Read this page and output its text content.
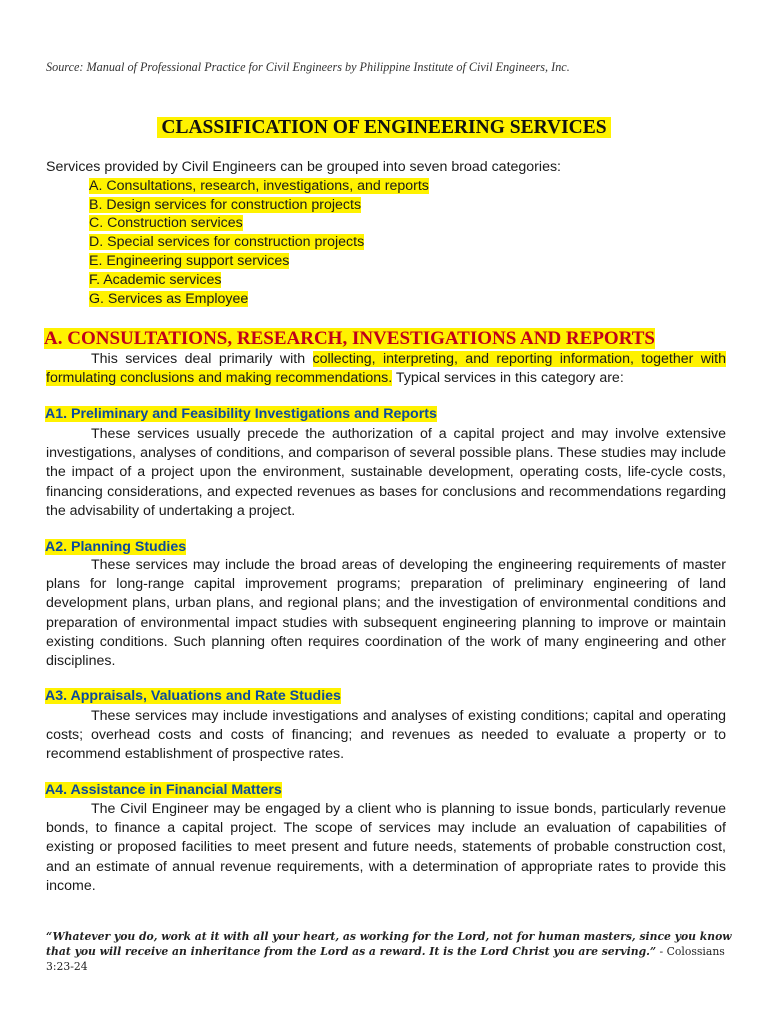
Source: Manual of Professional Practice for Civil Engineers by Philippine Institute of Civil Engineers, Inc.
CLASSIFICATION OF ENGINEERING SERVICES
Services provided by Civil Engineers can be grouped into seven broad categories:
A. Consultations, research, investigations, and reports
B. Design services for construction projects
C. Construction services
D. Special services for construction projects
E. Engineering support services
F. Academic services
G. Services as Employee
A. CONSULTATIONS, RESEARCH, INVESTIGATIONS AND REPORTS

This services deal primarily with collecting, interpreting, and reporting information, together with formulating conclusions and making recommendations. Typical services in this category are:

A1. Preliminary and Feasibility Investigations and Reports

These services usually precede the authorization of a capital project and may involve extensive investigations, analyses of conditions, and comparison of several possible plans. These studies may include the impact of a project upon the environment, sustainable development, operating costs, life-cycle costs, financing considerations, and expected revenues as bases for conclusions and recommendations regarding the advisability of undertaking a project.

A2. Planning Studies

These services may include the broad areas of developing the engineering requirements of master plans for long-range capital improvement programs; preparation of preliminary engineering of land development plans, urban plans, and regional plans; and the investigation of environmental conditions and preparation of environmental impact studies with subsequent engineering planning to improve or maintain existing conditions. Such planning often requires coordination of the work of many engineering and other disciplines.

A3. Appraisals, Valuations and Rate Studies

These services may include investigations and analyses of existing conditions; capital and operating costs; overhead costs and costs of financing; and revenues as needed to evaluate a property or to recommend establishment of prospective rates.

A4. Assistance in Financial Matters

The Civil Engineer may be engaged by a client who is planning to issue bonds, particularly revenue bonds, to finance a capital project. The scope of services may include an evaluation of capabilities of existing or proposed facilities to meet present and future needs, statements of probable construction cost, and an estimate of annual revenue requirements, with a determination of appropriate rates to provide this income.

“Whatever you do, work at it with all your heart, as working for the Lord, not for human masters, since you know that you will receive an inheritance from the Lord as a reward. It is the Lord Christ you are serving.” - Colossians 3:23-24
